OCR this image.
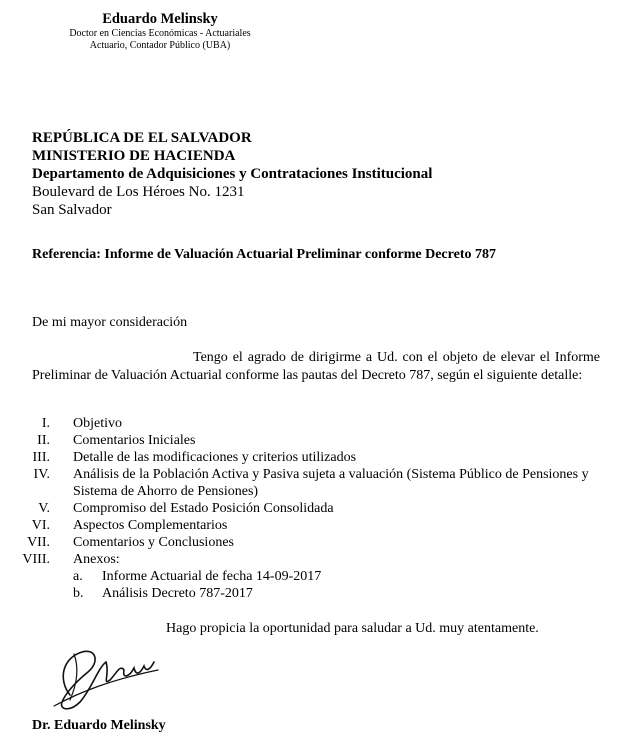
Eduardo Melinsky
Doctor en Ciencias Económicas - Actuariales
Actuario, Contador Público (UBA)
REPÚBLICA DE EL SALVADOR
MINISTERIO DE HACIENDA
Departamento de Adquisiciones y Contrataciones Institucional
Boulevard de Los Héroes No. 1231
San Salvador
Referencia: Informe de Valuación Actuarial Preliminar conforme Decreto 787
De mi mayor consideración
Tengo el agrado de dirigirme a Ud. con el objeto de elevar el Informe Preliminar de Valuación Actuarial conforme las pautas del Decreto 787, según el siguiente detalle:
I. Objetivo
II. Comentarios Iniciales
III. Detalle de las modificaciones y criterios utilizados
IV. Análisis de la Población Activa y Pasiva sujeta a valuación (Sistema Público de Pensiones y Sistema de Ahorro de Pensiones)
V. Compromiso del Estado Posición Consolidada
VI. Aspectos Complementarios
VII. Comentarios y Conclusiones
VIII. Anexos:
a.	Informe Actuarial de fecha 14-09-2017
b. Análisis Decreto 787-2017
Hago propicia la oportunidad para saludar a Ud. muy atentamente.
Dr. Eduardo Melinsky
